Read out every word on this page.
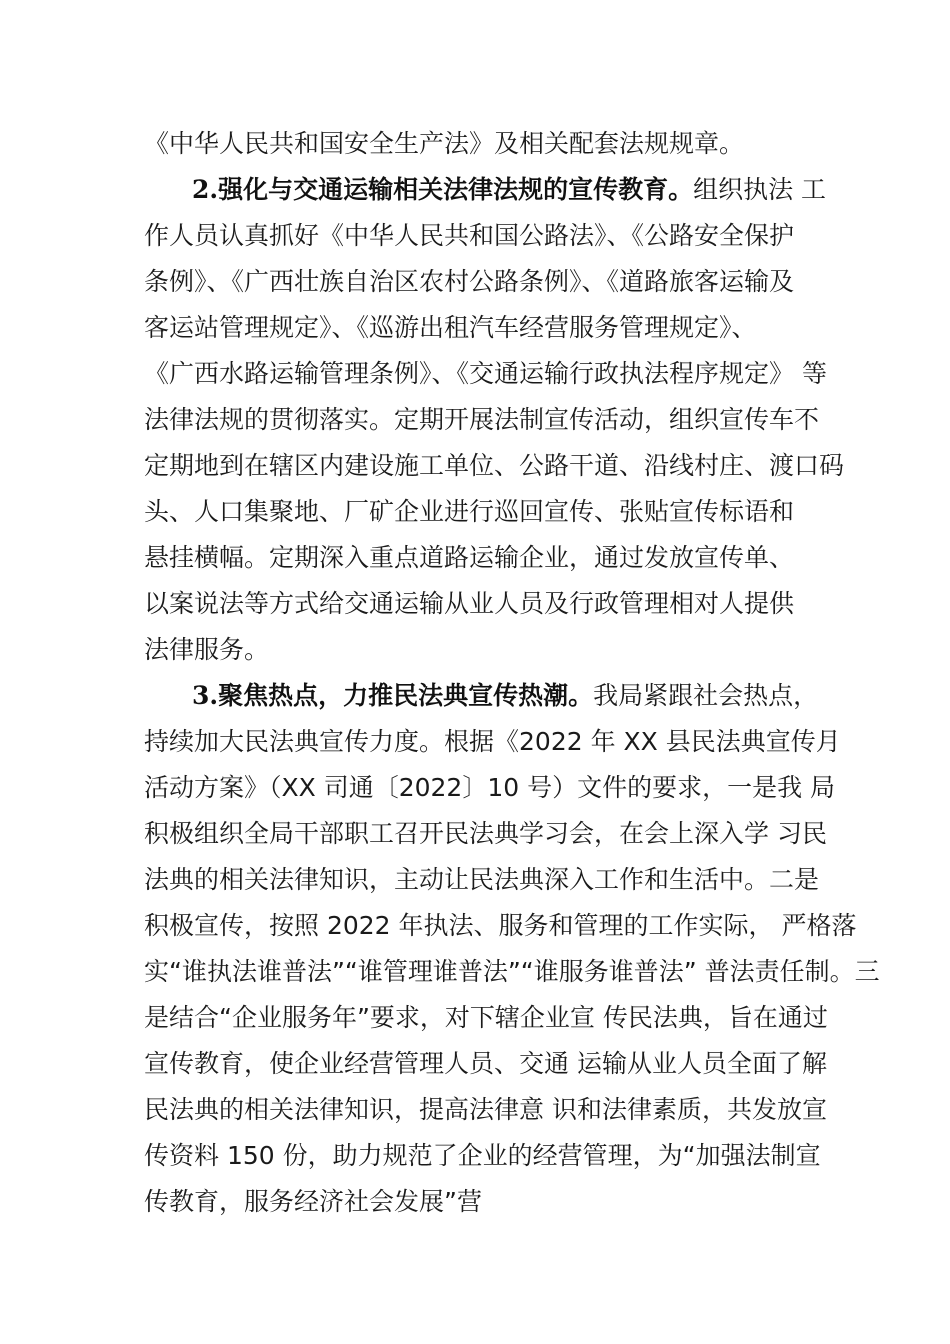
《中华人民共和国安全生产法》及相关配套法规规章。
2.强化与交通运输相关法律法规的宣传教育。组织执法 工
作人员认真抓好《中华人民共和国公路法》、《公路安全保护
条例》、《广西壮族自治区农村公路条例》、《道路旅客运输及
客运站管理规定》、《巡游出租汽车经营服务管理规定》、
《广西水路运输管理条例》、《交通运输行政执法程序规定》 等
法律法规的贯彻落实。定期开展法制宣传活动，组织宣传车不
定期地到在辖区内建设施工单位、公路干道、沿线村庄、渡口码
头、人口集聚地、厂矿企业进行巡回宣传、张贴宣传标语和
悬挂横幅。定期深入重点道路运输企业，通过发放宣传单、
以案说法等方式给交通运输从业人员及行政管理相对人提供
法律服务。
3.聚焦热点，力推民法典宣传热潮。我局紧跟社会热点，
持续加大民法典宣传力度。根据《2022 年 XX 县民法典宣传月
活动方案》（XX 司通〔2022〕10 号）文件的要求，一是我 局
积极组织全局干部职工召开民法典学习会，在会上深入学 习民
法典的相关法律知识，主动让民法典深入工作和生活中。二是
积极宣传，按照 2022 年执法、服务和管理的工作实际， 严格落
实“谁执法谁普法”“谁管理谁普法”“谁服务谁普法” 普法责任制。三
是结合“企业服务年”要求，对下辖企业宣 传民法典，旨在通过
宣传教育，使企业经营管理人员、交通 运输从业人员全面了解
民法典的相关法律知识，提高法律意 识和法律素质，共发放宣
传资料 150 份，助力规范了企业的经营管理，为“加强法制宣
传教育，服务经济社会发展”营
